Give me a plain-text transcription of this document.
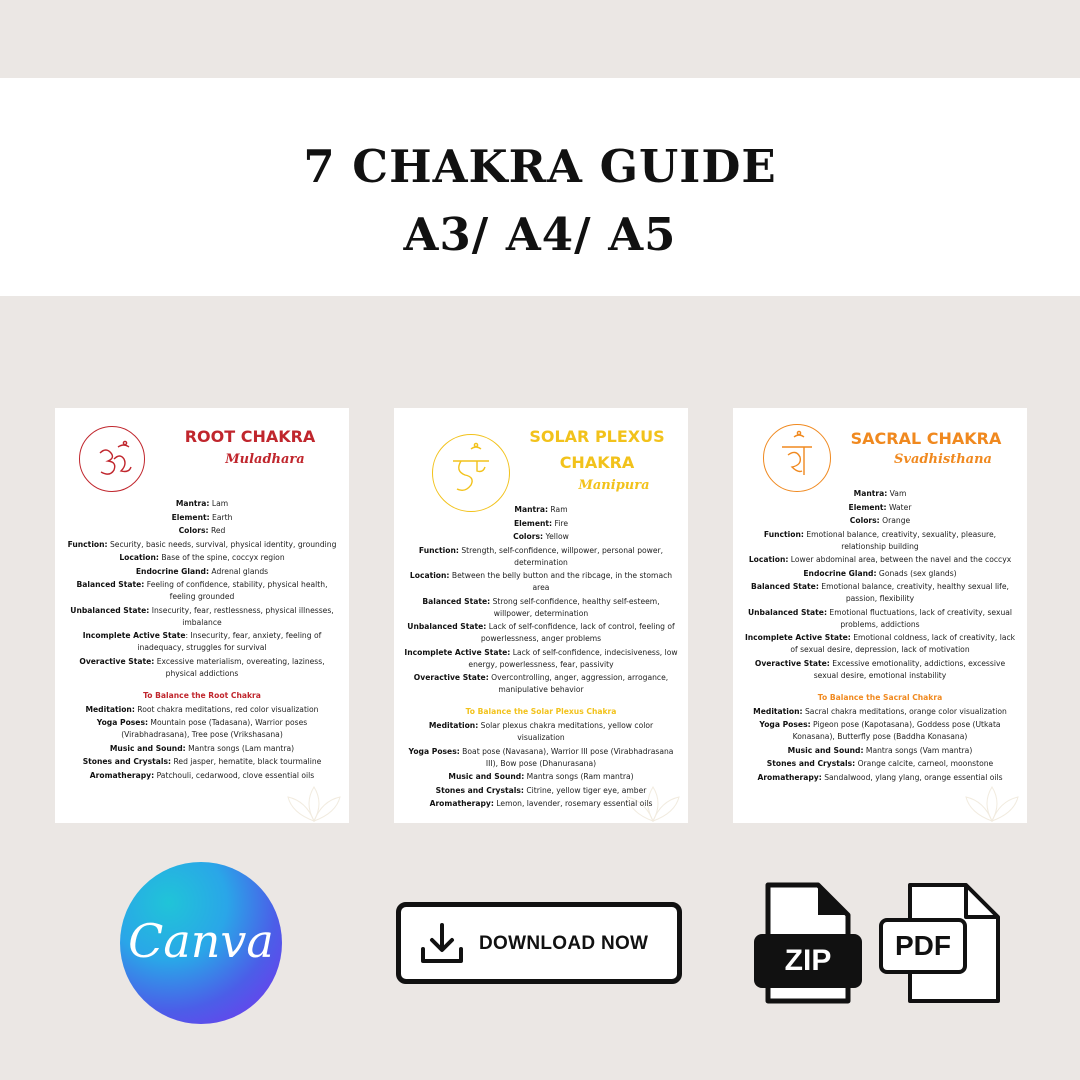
7 CHAKRA GUIDE
A3/ A4/ A5
ROOT CHAKRA
Muladhara

Mantra: Lam

Element: Earth

Colors: Red

Function: Security, basic needs, survival, physical identity, grounding

Location: Base of the spine, coccyx region

Endocrine Gland: Adrenal glands

Balanced State: Feeling of confidence, stability, physical health, feeling grounded

Unbalanced State: Insecurity, fear, restlessness, physical illnesses, imbalance

Incomplete Active State: Insecurity, fear, anxiety, feeling of inadequacy, struggles for survival

Overactive State: Excessive materialism, overeating, laziness, physical addictions

To Balance the Root Chakra

Meditation: Root chakra meditations, red color visualization

Yoga Poses: Mountain pose (Tadasana), Warrior poses (Virabhadrasana), Tree pose (Vrikshasana)

Music and Sound: Mantra songs (Lam mantra)

Stones and Crystals: Red jasper, hematite, black tourmaline

Aromatherapy: Patchouli, cedarwood, clove essential oils

SOLAR PLEXUS CHAKRA
Manipura

Mantra: Ram

Element: Fire

Colors: Yellow

Function: Strength, self-confidence, willpower, personal power, determination

Location: Between the belly button and the ribcage, in the stomach area

Balanced State: Strong self-confidence, healthy self-esteem, willpower, determination

Unbalanced State: Lack of self-confidence, lack of control, feeling of powerlessness, anger problems

Incomplete Active State: Lack of self-confidence, indecisiveness, low energy, powerlessness, fear, passivity

Overactive State: Overcontrolling, anger, aggression, arrogance, manipulative behavior

To Balance the Solar Plexus Chakra

Meditation: Solar plexus chakra meditations, yellow color visualization

Yoga Poses: Boat pose (Navasana), Warrior III pose (Virabhadrasana III), Bow pose (Dhanurasana)

Music and Sound: Mantra songs (Ram mantra)

Stones and Crystals: Citrine, yellow tiger eye, amber

Aromatherapy: Lemon, lavender, rosemary essential oils

SACRAL CHAKRA
Svadhisthana

Mantra: Vam

Element: Water

Colors: Orange

Function: Emotional balance, creativity, sexuality, pleasure, relationship building

Location: Lower abdominal area, between the navel and the coccyx

Endocrine Gland: Gonads (sex glands)

Balanced State: Emotional balance, creativity, healthy sexual life, passion, flexibility

Unbalanced State: Emotional fluctuations, lack of creativity, sexual problems, addictions

Incomplete Active State: Emotional coldness, lack of creativity, lack of sexual desire, depression, lack of motivation

Overactive State: Excessive emotionality, addictions, excessive sexual desire, emotional instability

To Balance the Sacral Chakra

Meditation: Sacral chakra meditations, orange color visualization

Yoga Poses: Pigeon pose (Kapotasana), Goddess pose (Utkata Konasana), Butterfly pose (Baddha Konasana)

Music and Sound: Mantra songs (Vam mantra)

Stones and Crystals: Orange calcite, carneol, moonstone

Aromatherapy: Sandalwood, ylang ylang, orange essential oils

Canva	DOWNLOAD NOW
ZIP	PDF
